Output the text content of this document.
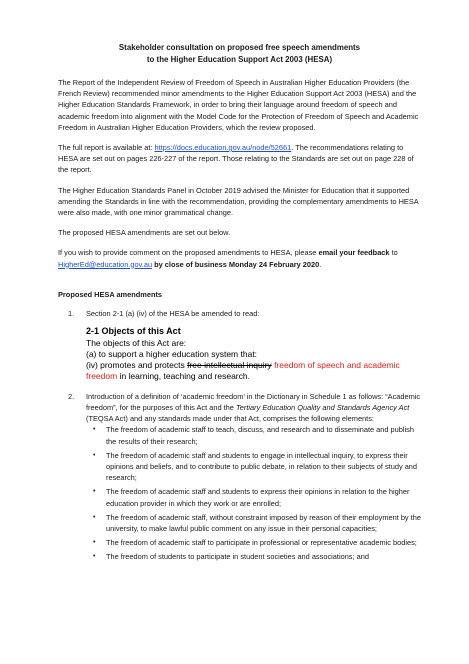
Stakeholder consultation on proposed free speech amendments
to the Higher Education Support Act 2003 (HESA)

The Report of the Independent Review of Freedom of Speech in Australian Higher Education Providers (the French Review) recommended minor amendments to the Higher Education Support Act 2003 (HESA) and the Higher Education Standards Framework, in order to bring their language around freedom of speech and academic freedom into alignment with the Model Code for the Protection of Freedom of Speech and Academic Freedom in Australian Higher Education Providers, which the review proposed.

The full report is available at: https://docs.education.gov.au/node/52661. The recommendations relating to HESA are set out on pages 226-227 of the report. Those relating to the Standards are set out on page 228 of the report.

The Higher Education Standards Panel in October 2019 advised the Minister for Education that it supported amending the Standards in line with the recommendation, providing the complementary amendments to HESA were also made, with one minor grammatical change.

The proposed HESA amendments are set out below.

If you wish to provide comment on the proposed amendments to HESA, please email your feedback to HigherEd@education.gov.au by close of business Monday 24 February 2020.

Proposed HESA amendments
1. Section 2-1 (a) (iv) of the HESA be amended to read:
2-1 Objects of this Act
The objects of this Act are:
(a) to support a higher education system that:
(iv) promotes and protects free intellectual inquiry freedom of speech and academic freedom in learning, teaching and research.
2. Introduction of a definition of ‘academic freedom’ in the Dictionary in Schedule 1 as follows: “Academic freedom”, for the purposes of this Act and the Tertiary Education Quality and Standards Agency Act (TEQSA Act) and any standards made under that Act, comprises the following elements:
• The freedom of academic staff to teach, discuss, and research and to disseminate and publish the results of their research;
• The freedom of academic staff and students to engage in intellectual inquiry, to express their opinions and beliefs, and to contribute to public debate, in relation to their subjects of study and research;
• The freedom of academic staff and students to express their opinions in relation to the higher education provider in which they work or are enrolled;
• The freedom of academic staff, without constraint imposed by reason of their employment by the university, to make lawful public comment on any issue in their personal capacities;
• The freedom of academic staff to participate in professional or representative academic bodies;
• The freedom of students to participate in student societies and associations; and
